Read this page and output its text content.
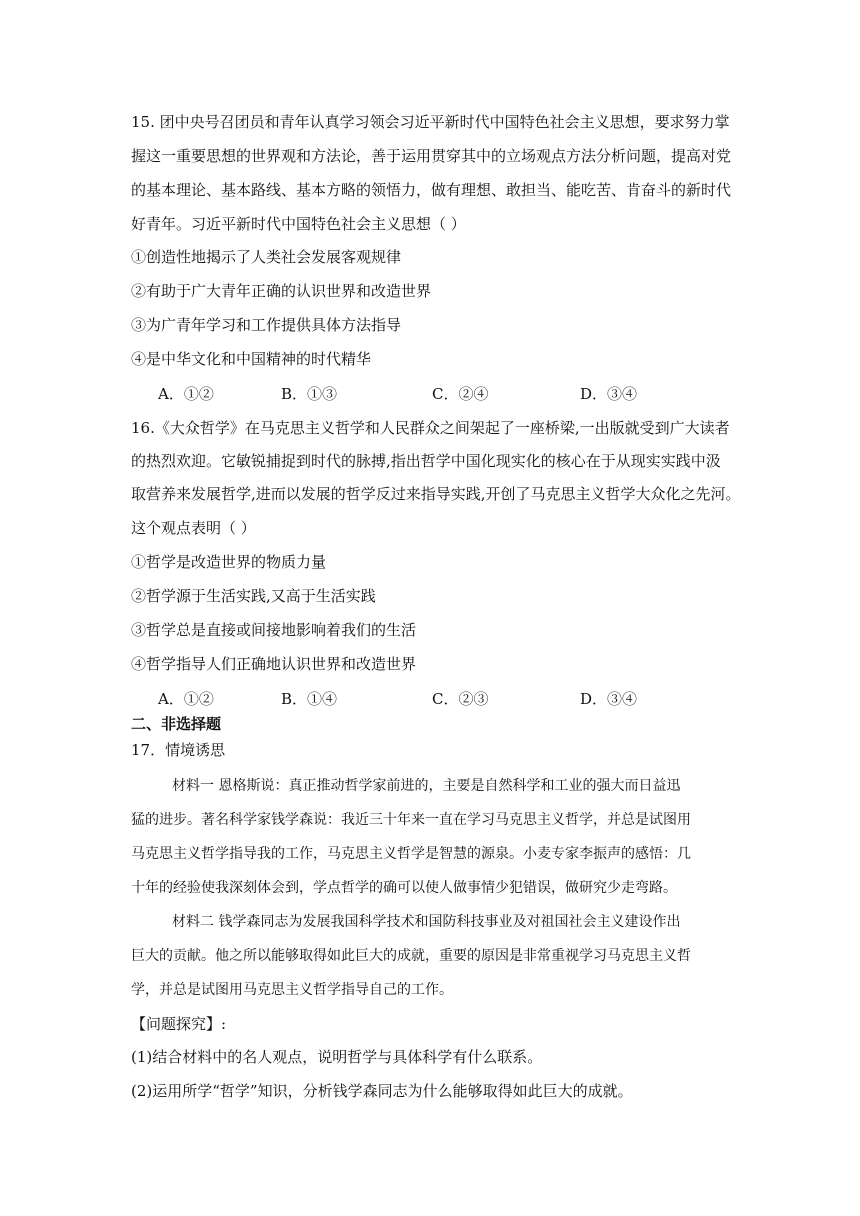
15. 团中央号召团员和青年认真学习领会习近平新时代中国特色社会主义思想，要求努力掌
握这一重要思想的世界观和方法论，善于运用贯穿其中的立场观点方法分析问题，提高对党
的基本理论、基本路线、基本方略的领悟力，做有理想、敢担当、能吃苦、肯奋斗的新时代
好青年。习近平新时代中国特色社会主义思想（ ）
①创造性地揭示了人类社会发展客观规律
②有助于广大青年正确的认识世界和改造世界
③为广青年学习和工作提供具体方法指导
④是中华文化和中国精神的时代精华
A．①②	B．①③	C．②④	D．③④
16.《大众哲学》在马克思主义哲学和人民群众之间架起了一座桥梁,一出版就受到广大读者
的热烈欢迎。它敏锐捕捉到时代的脉搏,指出哲学中国化现实化的核心在于从现实实践中汲
取营养来发展哲学,进而以发展的哲学反过来指导实践,开创了马克思主义哲学大众化之先河。
这个观点表明（ ）
①哲学是改造世界的物质力量
②哲学源于生活实践,又高于生活实践
③哲学总是直接或间接地影响着我们的生活
④哲学指导人们正确地认识世界和改造世界
A．①②	B．①④	C．②③	D．③④
二、非选择题
17．情境诱思
材料一 恩格斯说：真正推动哲学家前进的，主要是自然科学和工业的强大而日益迅
猛的进步。著名科学家钱学森说：我近三十年来一直在学习马克思主义哲学，并总是试图用
马克思主义哲学指导我的工作，马克思主义哲学是智慧的源泉。小麦专家李振声的感悟：几
十年的经验使我深刻体会到，学点哲学的确可以使人做事情少犯错误，做研究少走弯路。
材料二 钱学森同志为发展我国科学技术和国防科技事业及对祖国社会主义建设作出
巨大的贡献。他之所以能够取得如此巨大的成就，重要的原因是非常重视学习马克思主义哲
学，并总是试图用马克思主义哲学指导自己的工作。
【问题探究】:
(1)结合材料中的名人观点，说明哲学与具体科学有什么联系。
(2)运用所学“哲学”知识，分析钱学森同志为什么能够取得如此巨大的成就。
